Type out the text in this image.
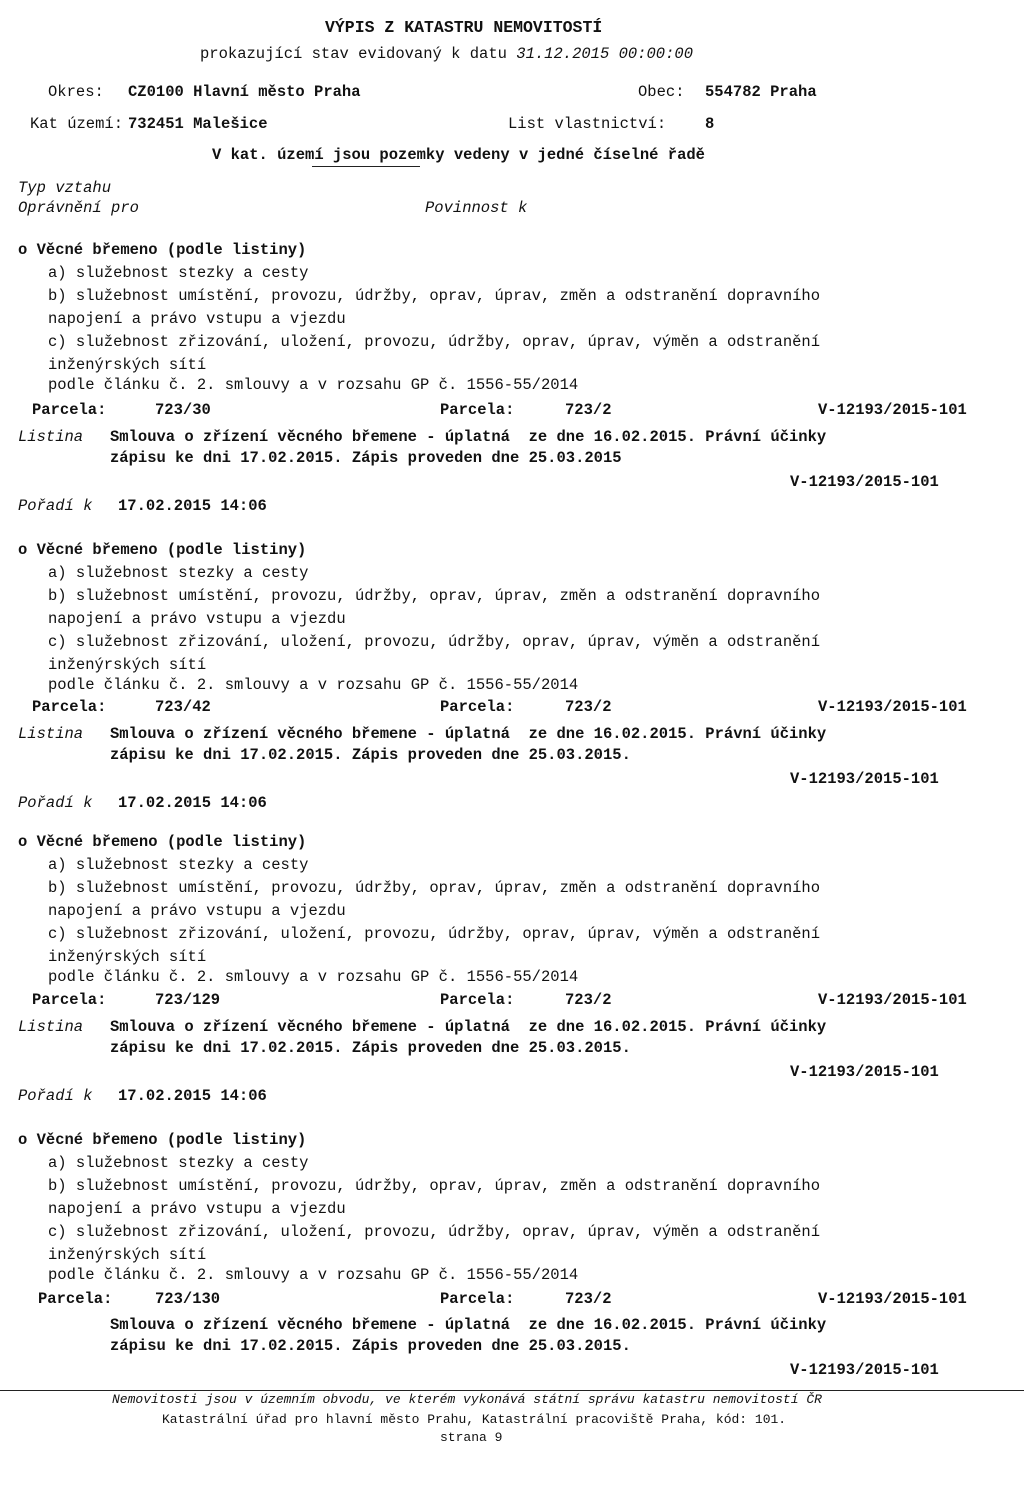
VÝPIS Z KATASTRU NEMOVITOSTÍ
prokazující stav evidovaný k datu 31.12.2015 00:00:00
Okres: CZ0100 Hlavní město Praha	Obec: 554782 Praha
Kat území: 732451 Malešice	List vlastnictví:	8
V kat. území jsou pozemky vedeny v jedné číselné řadě
Typ vztahu
Oprávnění pro	Povinnost k
o Věcné břemeno (podle listiny)
a) služebnost stezky a cesty
b) služebnost umístění, provozu, údržby, oprav, úprav, změn a odstranění dopravního
napojení a právo vstupu a vjezdu
c) služebnost zřizování, uložení, provozu, údržby, oprav, úprav, výměn a odstranění
inženýrských sítí
podle článku č. 2. smlouvy a v rozsahu GP č. 1556-55/2014
Parcela:	723/30	Parcela:	723/2	V-12193/2015-101
Listina Smlouva o zřízení věcného břemene - úplatná  ze dne 16.02.2015. Právní účinky
zápisu ke dni 17.02.2015. Zápis proveden dne 25.03.2015
V-12193/2015-101
Pořadí k 17.02.2015 14:06
o Věcné břemeno (podle listiny)
a) služebnost stezky a cesty
b) služebnost umístění, provozu, údržby, oprav, úprav, změn a odstranění dopravního
napojení a právo vstupu a vjezdu
c) služebnost zřizování, uložení, provozu, údržby, oprav, úprav, výměn a odstranění
inženýrských sítí
podle článku č. 2. smlouvy a v rozsahu GP č. 1556-55/2014
Parcela:	723/42	Parcela:	723/2	V-12193/2015-101
Listina Smlouva o zřízení věcného břemene - úplatná  ze dne 16.02.2015. Právní účinky
zápisu ke dni 17.02.2015. Zápis proveden dne 25.03.2015.
V-12193/2015-101
Pořadí k 17.02.2015 14:06
o Věcné břemeno (podle listiny)
a) služebnost stezky a cesty
b) služebnost umístění, provozu, údržby, oprav, úprav, změn a odstranění dopravního
napojení a právo vstupu a vjezdu
c) služebnost zřizování, uložení, provozu, údržby, oprav, úprav, výměn a odstranění
inženýrských sítí
podle článku č. 2. smlouvy a v rozsahu GP č. 1556-55/2014
Parcela:	723/129	Parcela:	723/2	V-12193/2015-101
Listina Smlouva o zřízení věcného břemene - úplatná  ze dne 16.02.2015. Právní účinky
zápisu ke dni 17.02.2015. Zápis proveden dne 25.03.2015.
V-12193/2015-101
Pořadí k 17.02.2015 14:06
o Věcné břemeno (podle listiny)
a) služebnost stezky a cesty
b) služebnost umístění, provozu, údržby, oprav, úprav, změn a odstranění dopravního
napojení a právo vstupu a vjezdu
c) služebnost zřizování, uložení, provozu, údržby, oprav, úprav, výměn a odstranění
inženýrských sítí
podle článku č. 2. smlouvy a v rozsahu GP č. 1556-55/2014
Parcela:	723/130	Parcela:	723/2	V-12193/2015-101
Smlouva o zřízení věcného břemene - úplatná  ze dne 16.02.2015. Právní účinky
zápisu ke dni 17.02.2015. Zápis proveden dne 25.03.2015.
V-12193/2015-101
Nemovitosti jsou v územním obvodu, ve kterém vykonává státní správu katastru nemovitostí ČR
Katastrální úřad pro hlavní město Prahu, Katastrální pracoviště Praha, kód: 101.
strana 9
